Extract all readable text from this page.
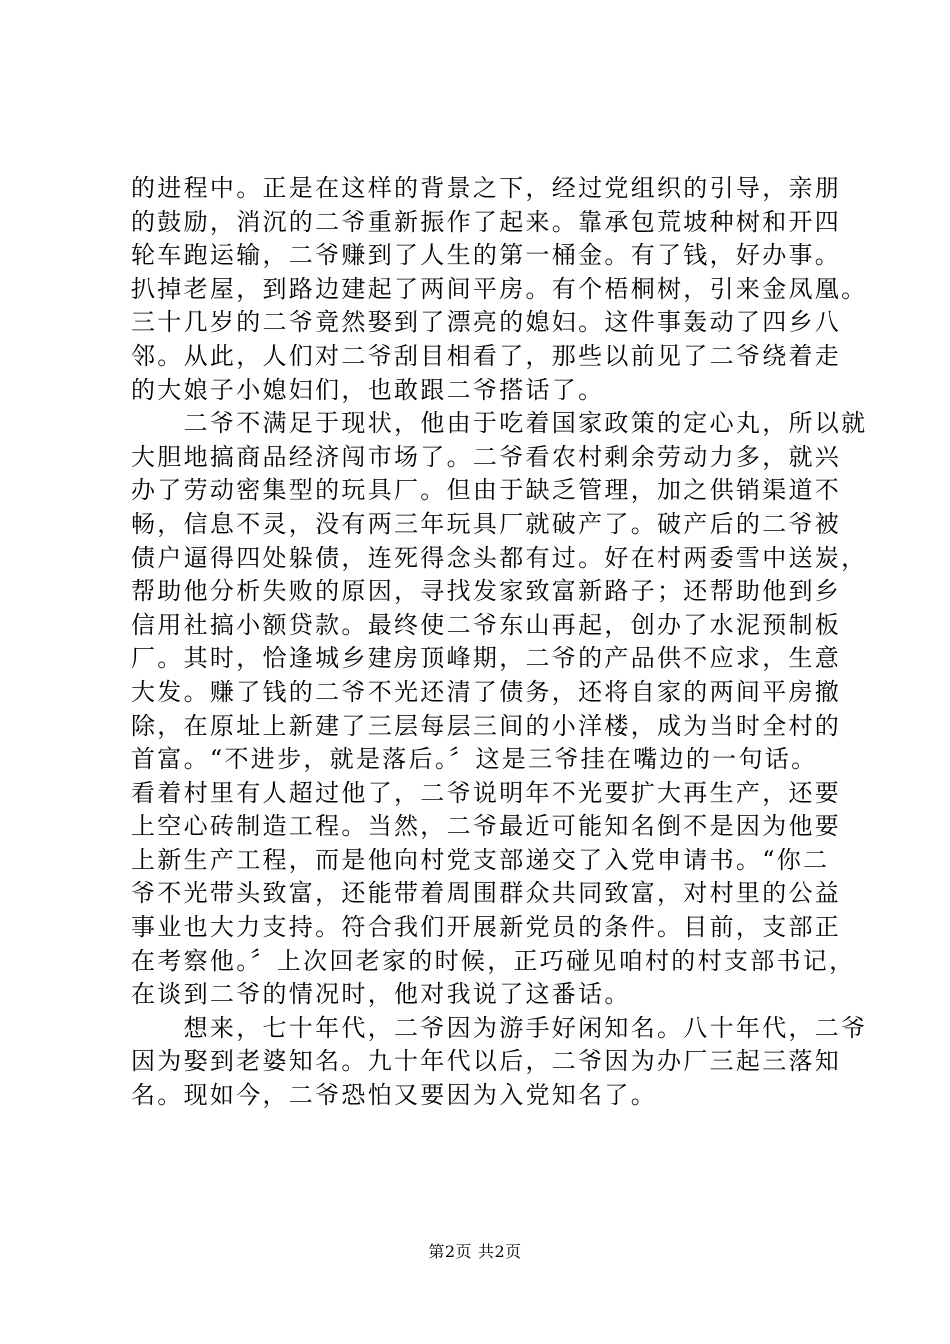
的进程中。正是在这样的背景之下，经过党组织的引导，亲朋
的鼓励，消沉的二爷重新振作了起来。靠承包荒坡种树和开四
轮车跑运输，二爷赚到了人生的第一桶金。有了钱，好办事。
扒掉老屋，到路边建起了两间平房。有个梧桐树，引来金凤凰。
三十几岁的二爷竟然娶到了漂亮的媳妇。这件事轰动了四乡八
邻。从此，人们对二爷刮目相看了，那些以前见了二爷绕着走
的大娘子小媳妇们，也敢跟二爷搭话了。
　　二爷不满足于现状，他由于吃着国家政策的定心丸，所以就
大胆地搞商品经济闯市场了。二爷看农村剩余劳动力多，就兴
办了劳动密集型的玩具厂。但由于缺乏管理，加之供销渠道不
畅，信息不灵，没有两三年玩具厂就破产了。破产后的二爷被
债户逼得四处躲债，连死得念头都有过。好在村两委雪中送炭，
帮助他分析失败的原因，寻找发家致富新路子；还帮助他到乡
信用社搞小额贷款。最终使二爷东山再起，创办了水泥预制板
厂。其时，恰逢城乡建房顶峰期，二爷的产品供不应求，生意
大发。赚了钱的二爷不光还清了债务，还将自家的两间平房撤
除，在原址上新建了三层每层三间的小洋楼，成为当时全村的
首富。“不进步，就是落后。〞这是三爷挂在嘴边的一句话。
看着村里有人超过他了，二爷说明年不光要扩大再生产，还要
上空心砖制造工程。当然，二爷最近可能知名倒不是因为他要
上新生产工程，而是他向村党支部递交了入党申请书。“你二
爷不光带头致富，还能带着周围群众共同致富，对村里的公益
事业也大力支持。符合我们开展新党员的条件。目前，支部正
在考察他。〞上次回老家的时候，正巧碰见咱村的村支部书记，
在谈到二爷的情况时，他对我说了这番话。
　　想来，七十年代，二爷因为游手好闲知名。八十年代，二爷
因为娶到老婆知名。九十年代以后，二爷因为办厂三起三落知
名。现如今，二爷恐怕又要因为入党知名了。
第2页 共2页
